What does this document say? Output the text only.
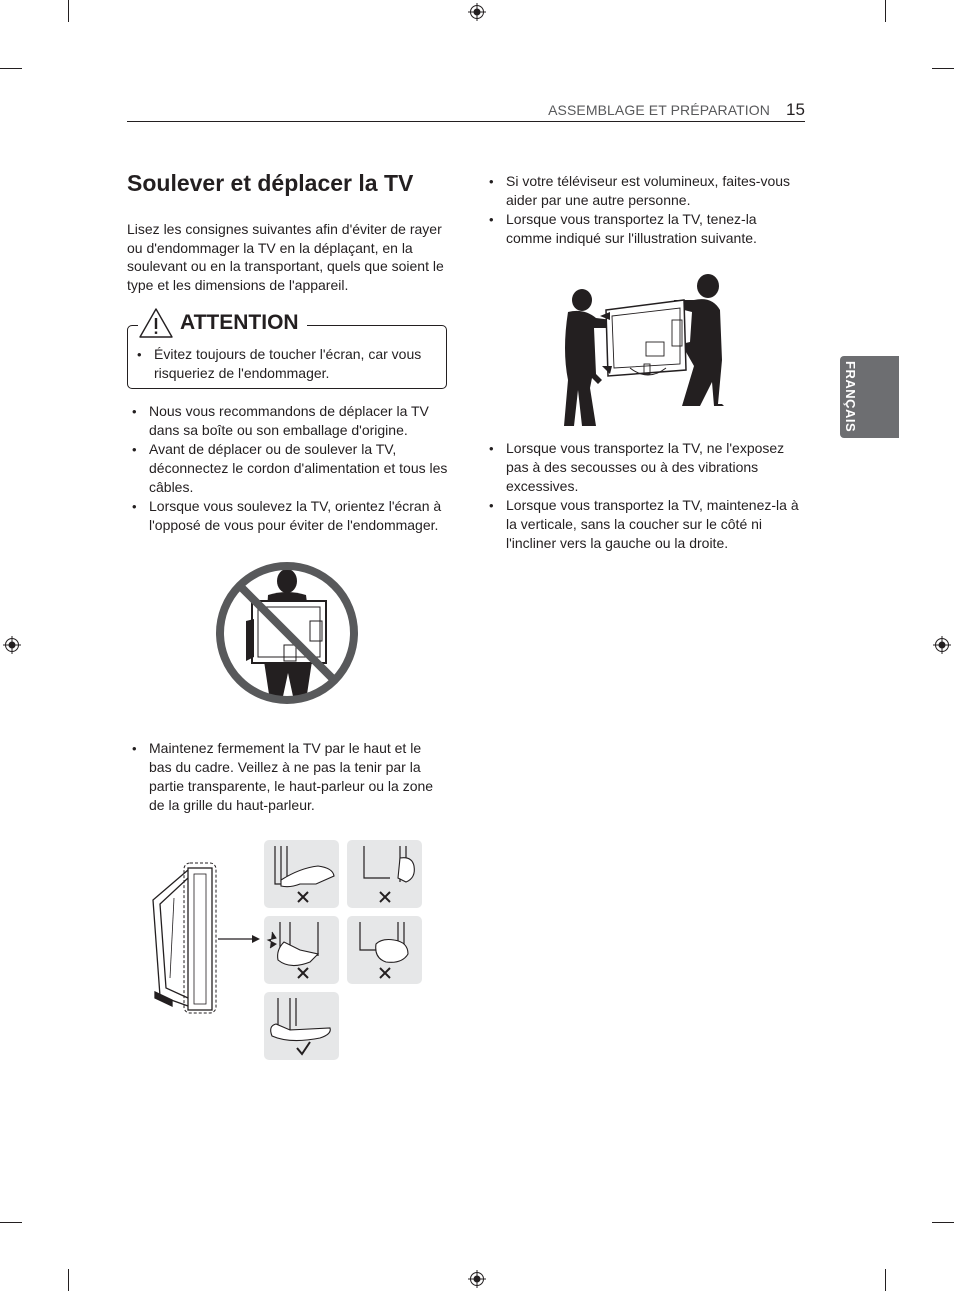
ASSEMBLAGE ET PRÉPARATION 15
FRANÇAIS
Soulever et déplacer la TV
Lisez les consignes suivantes afin d'éviter de rayer ou d'endommager la TV en la déplaçant, en la soulevant ou en la transportant, quels que soient le type et les dimensions de l'appareil.
ATTENTION
• Évitez toujours de toucher l'écran, car vous risqueriez de l'endommager.
• Nous vous recommandons de déplacer la TV dans sa boîte ou son emballage d'origine.
• Avant de déplacer ou de soulever la TV, déconnectez le cordon d'alimentation et tous les câbles.
• Lorsque vous soulevez la TV, orientez l'écran à l'opposé de vous pour éviter de l'endommager.
• Maintenez fermement la TV par le haut et le bas du cadre. Veillez à ne pas la tenir par la partie transparente, le haut-parleur ou la zone de la grille du haut-parleur.
• Si votre téléviseur est volumineux, faites-vous aider par une autre personne.
• Lorsque vous transportez la TV, tenez-la comme indiqué sur l'illustration suivante.
• Lorsque vous transportez la TV, ne l'exposez pas à des secousses ou à des vibrations excessives.
• Lorsque vous transportez la TV, maintenez-la à la verticale, sans la coucher sur le côté ni l'incliner vers la gauche ou la droite.
